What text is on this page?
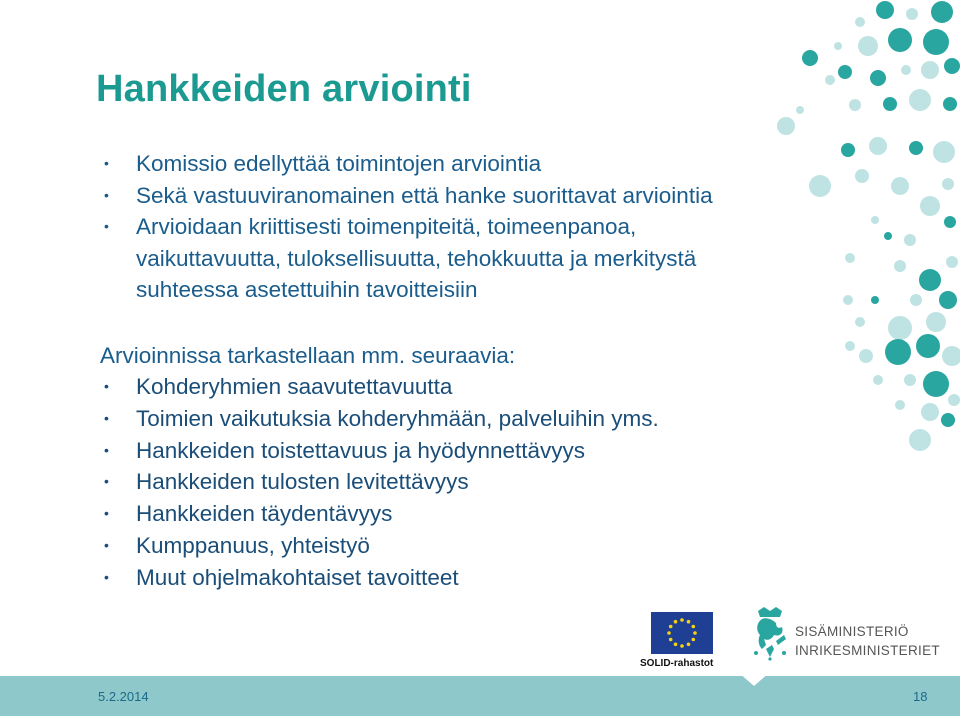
Hankkeiden arviointi
• Komissio edellyttää toimintojen arviointia
• Sekä vastuuviranomainen että hanke suorittavat arviointia
• Arvioidaan kriittisesti toimenpiteitä, toimeenpanoa,
vaikuttavuutta, tuloksellisuutta, tehokkuutta ja merkitystä
suhteessa asetettuihin tavoitteisiin
Arvioinnissa tarkastellaan mm. seuraavia:
• Kohderyhmien saavutettavuutta
• Toimien vaikutuksia kohderyhmään, palveluihin yms.
• Hankkeiden toistettavuus ja hyödynnettävyys
• Hankkeiden tulosten levitettävyys
• Hankkeiden täydentävyys
• Kumppanuus, yhteistyö
• Muut ohjelmakohtaiset tavoitteet
SOLID-rahastot
SISÄMINISTERIÖ
INRIKESMINISTERIET
5.2.2014	18
